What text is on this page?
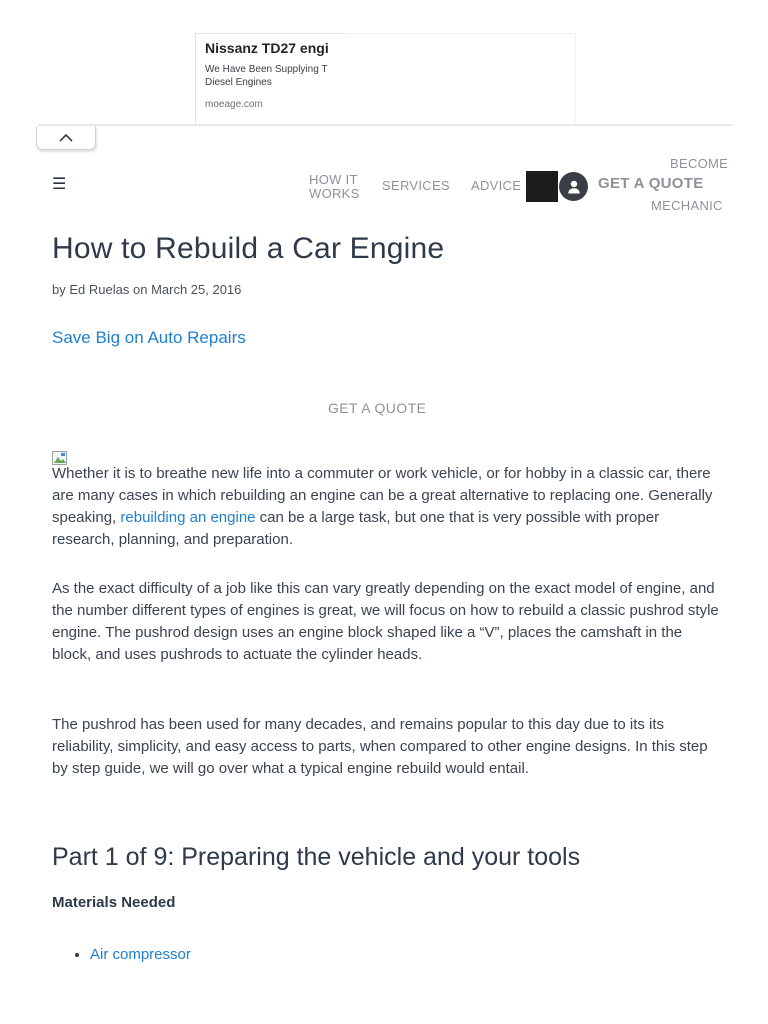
Nissanz TD27 engi
We Have Been Supplying T Diesel Engines
moeage.com
☰	HOW IT WORKS
SERVICES ADVICE	GET A QUOTE
BECOME
MECHANIC
How to Rebuild a Car Engine
by Ed Ruelas on March 25, 2016
Save Big on Auto Repairs
GET A QUOTE

Whether it is to breathe new life into a commuter or work vehicle, or for hobby in a classic car, there are many cases in which rebuilding an engine can be a great alternative to replacing one. Generally speaking, rebuilding an engine can be a large task, but one that is very possible with proper research, planning, and preparation.

As the exact difficulty of a job like this can vary greatly depending on the exact model of engine, and the number different types of engines is great, we will focus on how to rebuild a classic pushrod style engine. The pushrod design uses an engine block shaped like a “V”, places the camshaft in the block, and uses pushrods to actuate the cylinder heads.

The pushrod has been used for many decades, and remains popular to this day due to its its reliability, simplicity, and easy access to parts, when compared to other engine designs. In this step by step guide, we will go over what a typical engine rebuild would entail.

Part 1 of 9: Preparing the vehicle and your tools
Materials Needed
• Air compressor
